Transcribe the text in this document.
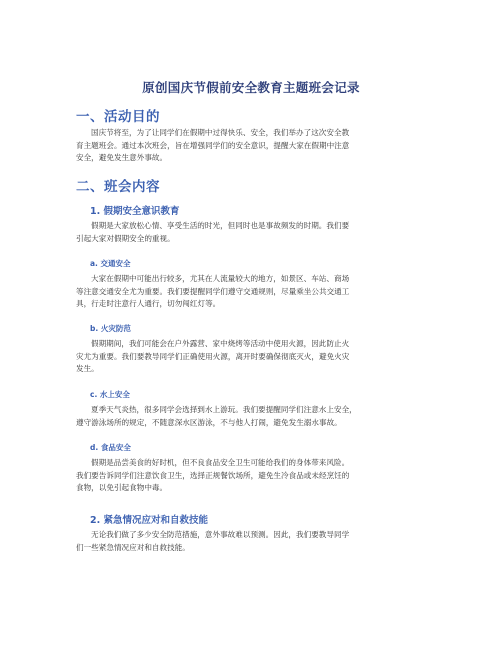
原创国庆节假前安全教育主题班会记录
一、活动目的
国庆节将至，为了让同学们在假期中过得快乐、安全，我们举办了这次安全教
育主题班会。通过本次班会，旨在增强同学们的安全意识，提醒大家在假期中注意
安全，避免发生意外事故。
二、班会内容
1. 假期安全意识教育
假期是大家放松心情、享受生活的时光，但同时也是事故频发的时期。我们要
引起大家对假期安全的重视。
a. 交通安全
大家在假期中可能出行较多，尤其在人流量较大的地方，如景区、车站、商场
等注意交通安全尤为重要。我们要提醒同学们遵守交通规则，尽量乘坐公共交通工
具，行走时注意行人通行，切勿闯红灯等。
b. 火灾防范
假期期间，我们可能会在户外露营、家中烧烤等活动中使用火源，因此防止火
灾尤为重要。我们要教导同学们正确使用火源，离开时要确保彻底灭火，避免火灾
发生。
c. 水上安全
夏季天气炎热，很多同学会选择到水上游玩。我们要提醒同学们注意水上安全，
遵守游泳场所的规定，不随意深水区游泳，不与他人打闹，避免发生溺水事故。
d. 食品安全
假期是品尝美食的好时机，但不良食品安全卫生可能给我们的身体带来风险。
我们要告诉同学们注意饮食卫生，选择正规餐饮场所，避免生冷食品或未经烹饪的
食物，以免引起食物中毒。
2. 紧急情况应对和自救技能
无论我们做了多少安全防范措施，意外事故难以预测。因此，我们要教导同学
们一些紧急情况应对和自救技能。
